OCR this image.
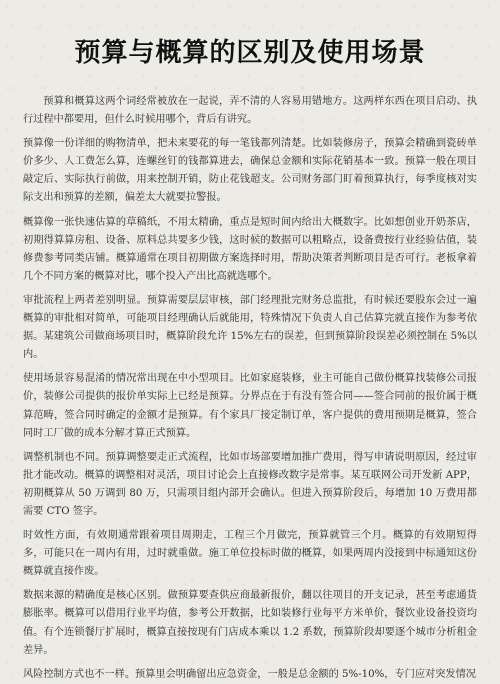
预算与概算的区别及使用场景

预算和概算这两个词经常被放在一起说，弄不清的人容易用错地方。这两样东西在项目启动、执行过程中都要用，但什么时候用哪个，背后有讲究。

预算像一份详细的购物清单，把未来要花的每一笔钱都列清楚。比如装修房子，预算会精确到瓷砖单价多少、人工费怎么算，连螺丝钉的钱都算进去，确保总金额和实际花销基本一致。预算一般在项目敲定后、实际执行前做，用来控制开销，防止花钱超支。公司财务部门盯着预算执行，每季度核对实际支出和预算的差额，偏差太大就要拉警报。

概算像一张快速估算的草稿纸，不用太精确，重点是短时间内给出大概数字。比如想创业开奶茶店，初期得算算房租、设备、原料总共要多少钱，这时候的数据可以粗略点，设备费按行业经验估值，装修费参考同类店铺。概算通常在项目初期做方案选择时用，帮助决策者判断项目是否可行。老板拿着几个不同方案的概算对比，哪个投入产出比高就选哪个。

审批流程上两者差别明显。预算需要层层审核，部门经理批完财务总监批，有时候还要股东会过一遍概算的审批相对简单，可能项目经理确认后就能用，特殊情况下负责人自己估算完就直接作为参考依据。某建筑公司做商场项目时，概算阶段允许 15%左右的误差，但到预算阶段误差必须控制在 5%以内。

使用场景容易混淆的情况常出现在中小型项目。比如家庭装修，业主可能自己做份概算找装修公司报价，装修公司提供的报价单实际上已经是预算。分界点在于有没有签合同——签合同前的报价属于概算范畴，签合同时确定的金额才是预算。有个家具厂接定制订单，客户提供的费用预期是概算，签合同时工厂做的成本分解才算正式预算。

调整机制也不同。预算调整要走正式流程，比如市场部要增加推广费用，得写申请说明原因，经过审批才能改动。概算的调整相对灵活，项目讨论会上直接修改数字是常事。某互联网公司开发新 APP，初期概算从 50 万调到 80 万，只需项目组内部开会确认。但进入预算阶段后，每增加 10 万费用都需要 CTO 签字。

时效性方面，有效期通常跟着项目周期走，工程三个月做完，预算就管三个月。概算的有效期短得多，可能只在一周内有用，过时就重做。施工单位投标时做的概算，如果两周内没接到中标通知这份概算就直接作废。

数据来源的精确度是核心区别。做预算要查供应商最新报价，翻以往项目的开支记录，甚至考虑通货膨胀率。概算可以借用行业平均值，参考公开数据，比如装修行业每平方米单价，餐饮业设备投资均值。有个连锁餐厅扩展时，概算直接按现有门店成本乘以 1.2 系数，预算阶段却要逐个城市分析租金差异。

风险控制方式也不一样。预算里会明确留出应急资金，一般是总金额的 5%-10%，专门应对突发情况
